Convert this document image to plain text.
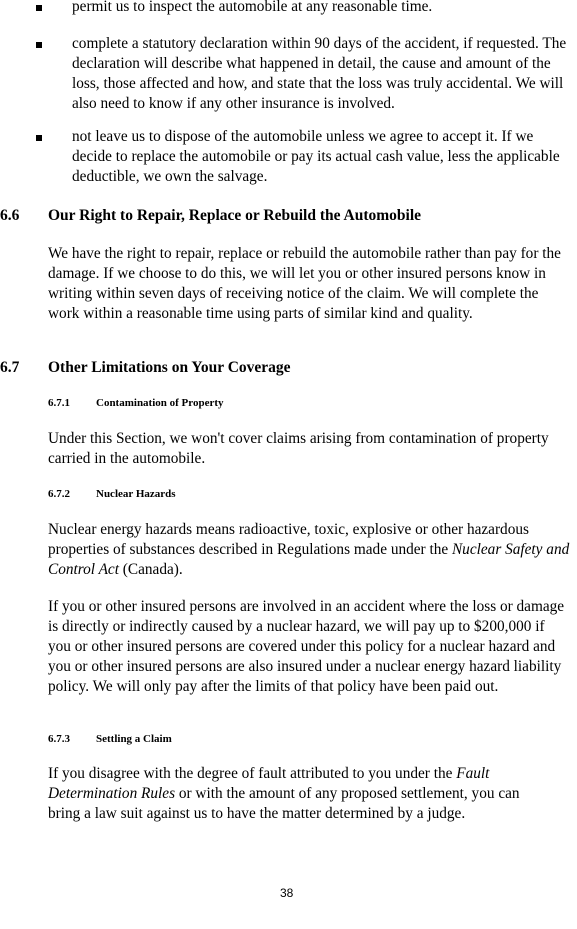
permit us to inspect the automobile at any reasonable time.

complete a statutory declaration within 90 days of the accident, if requested. The declaration will describe what happened in detail, the cause and amount of the loss, those affected and how, and state that the loss was truly accidental. We will also need to know if any other insurance is involved.

not leave us to dispose of the automobile unless we agree to accept it. If we decide to replace the automobile or pay its actual cash value, less the applicable deductible, we own the salvage.

6.6 Our Right to Repair, Replace or Rebuild the Automobile

We have the right to repair, replace or rebuild the automobile rather than pay for the damage. If we choose to do this, we will let you or other insured persons know in writing within seven days of receiving notice of the claim. We will complete the work within a reasonable time using parts of similar kind and quality.

6.7 Other Limitations on Your Coverage
6.7.1 Contamination of Property

Under this Section, we won't cover claims arising from contamination of property carried in the automobile.

6.7.2 Nuclear Hazards

Nuclear energy hazards means radioactive, toxic, explosive or other hazardous properties of substances described in Regulations made under the Nuclear Safety and Control Act (Canada).

If you or other insured persons are involved in an accident where the loss or damage is directly or indirectly caused by a nuclear hazard, we will pay up to $200,000 if you or other insured persons are covered under this policy for a nuclear hazard and you or other insured persons are also insured under a nuclear energy hazard liability policy. We will only pay after the limits of that policy have been paid out.

6.7.3 Settling a Claim

If you disagree with the degree of fault attributed to you under the Fault Determination Rules or with the amount of any proposed settlement, you can bring a law suit against us to have the matter determined by a judge.

38
